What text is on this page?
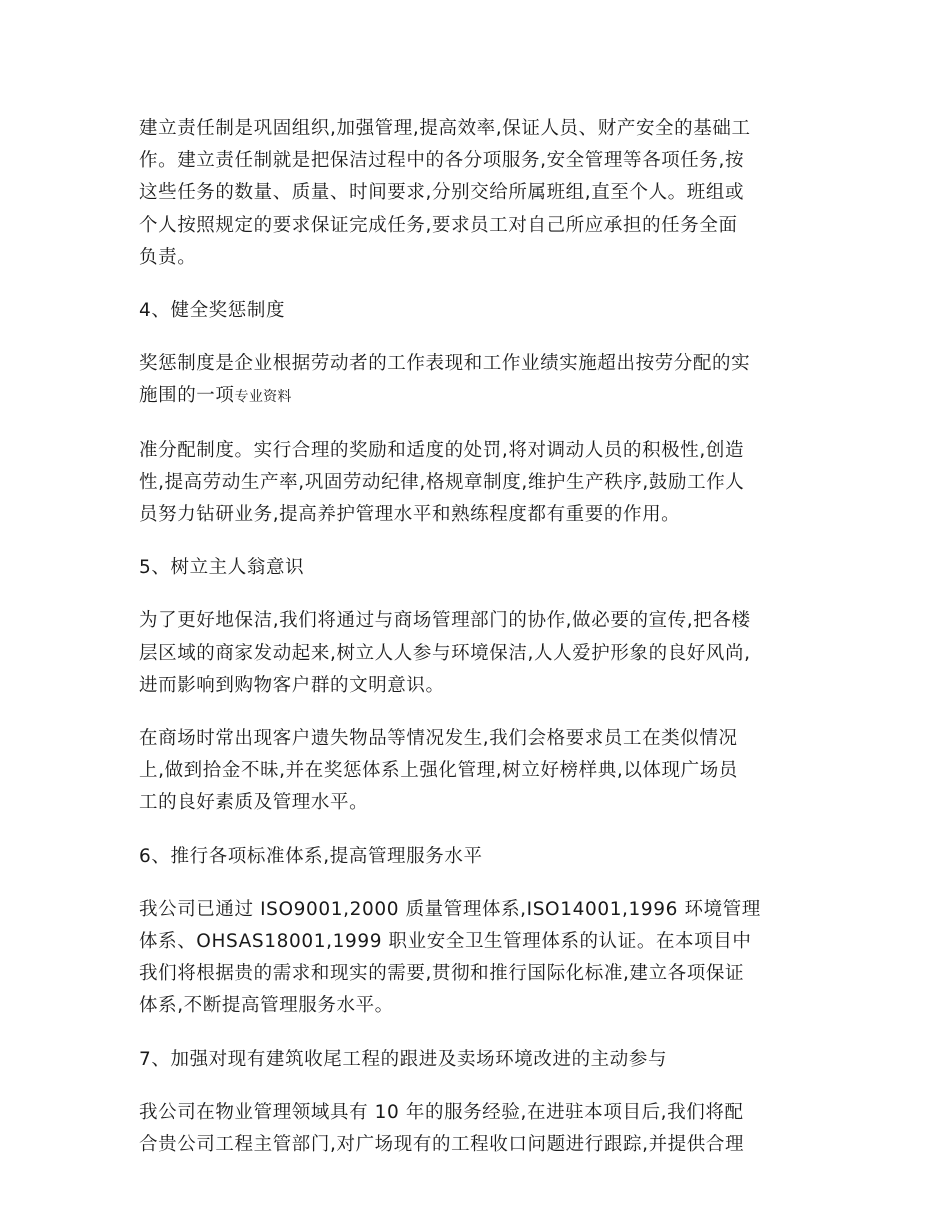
建立责任制是巩固组织,加强管理,提高效率,保证人员、财产安全的基础工
作。建立责任制就是把保洁过程中的各分项服务,安全管理等各项任务,按
这些任务的数量、质量、时间要求,分别交给所属班组,直至个人。班组或
个人按照规定的要求保证完成任务,要求员工对自己所应承担的任务全面
负责。

4、健全奖惩制度

奖惩制度是企业根据劳动者的工作表现和工作业绩实施超出按劳分配的实
施围的一项专业资料

准分配制度。实行合理的奖励和适度的处罚,将对调动人员的积极性,创造
性,提高劳动生产率,巩固劳动纪律,格规章制度,维护生产秩序,鼓励工作人
员努力钻研业务,提高养护管理水平和熟练程度都有重要的作用。

5、树立主人翁意识

为了更好地保洁,我们将通过与商场管理部门的协作,做必要的宣传,把各楼
层区域的商家发动起来,树立人人参与环境保洁,人人爱护形象的良好风尚,
进而影响到购物客户群的文明意识。

在商场时常出现客户遗失物品等情况发生,我们会格要求员工在类似情况
上,做到拾金不昧,并在奖惩体系上强化管理,树立好榜样典,以体现广场员
工的良好素质及管理水平。

6、推行各项标准体系,提高管理服务水平

我公司已通过 ISO9001,2000 质量管理体系,ISO14001,1996 环境管理
体系、OHSAS18001,1999 职业安全卫生管理体系的认证。在本项目中
我们将根据贵的需求和现实的需要,贯彻和推行国际化标准,建立各项保证
体系,不断提高管理服务水平。

7、加强对现有建筑收尾工程的跟进及卖场环境改进的主动参与

我公司在物业管理领域具有 10 年的服务经验,在进驻本项目后,我们将配
合贵公司工程主管部门,对广场现有的工程收口问题进行跟踪,并提供合理
